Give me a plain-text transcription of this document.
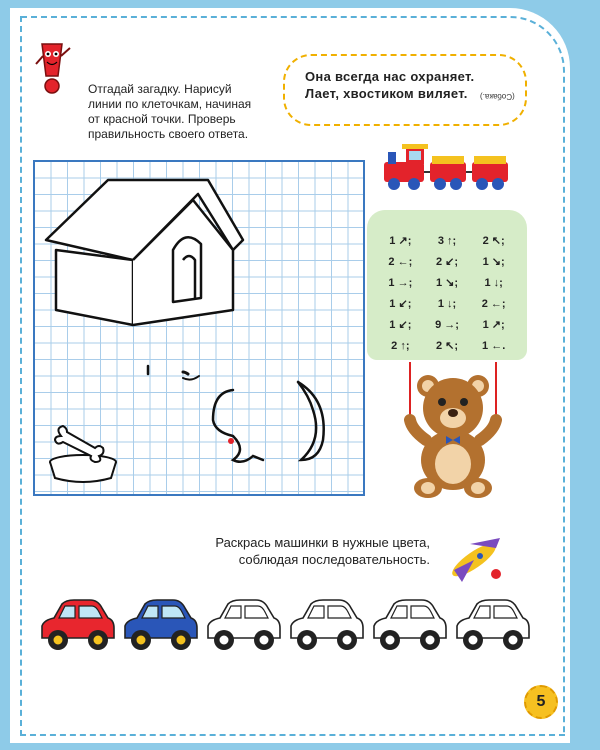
Отгадай загадку. Нарисуй
линии по клеточкам, начиная
от красной точки. Проверь
правильность своего ответа.
Она всегда нас охраняет.
Лает, хвостиком виляет.	(Собака.)
1 ↗;	3 ↑;	2 ↖;
2 ←;	2 ↙;	1 ↘;
1 →;	1 ↘;	1 ↓;
1 ↙;	1 ↓;	2 ←;
1 ↙;	9 →;	1 ↗;
2 ↑;	2 ↖;	1 ←.
Раскрась машинки в нужные цвета,
соблюдая последовательность.
5
